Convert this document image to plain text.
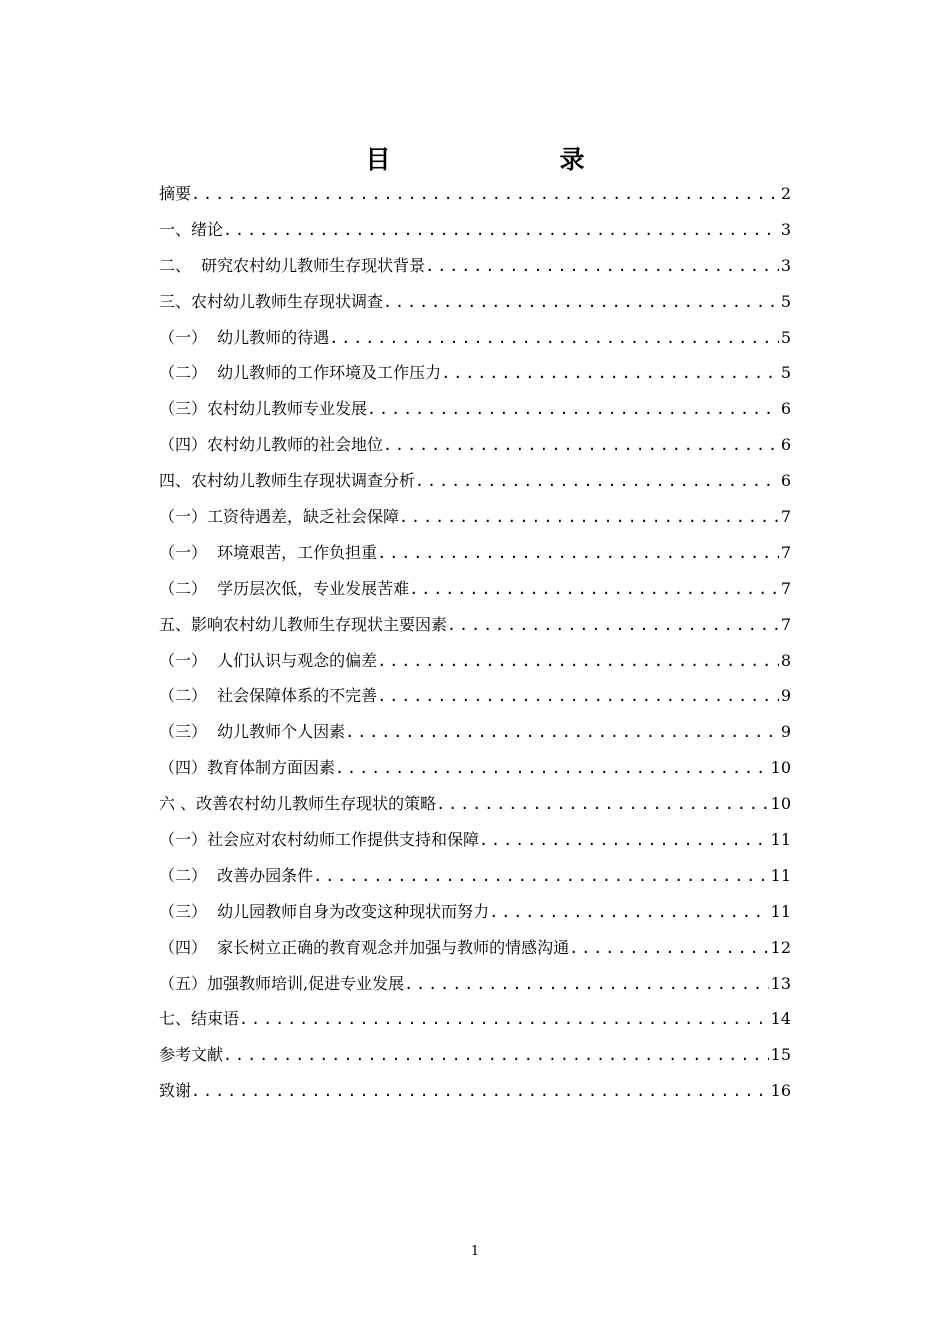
目　录
摘要 .....	2
一、绪论 .....	3
二、  研究农村幼儿教师生存现状背景 .....	3
三、农村幼儿教师生存现状调查 .....	5
（一）  幼儿教师的待遇 .....	5
（二）  幼儿教师的工作环境及工作压力 .....	5
（三）农村幼儿教师专业发展 .....	6
（四）农村幼儿教师的社会地位 .....	6
四、农村幼儿教师生存现状调查分析 .....	6
（一）工资待遇差，缺乏社会保障 .....	7
（一）  环境艰苦，工作负担重 .....	7
（二）  学历层次低，专业发展苦难 .....	7
五、影响农村幼儿教师生存现状主要因素 .....	7
（一）  人们认识与观念的偏差 .....	8
（二）  社会保障体系的不完善 .....	9
（三）  幼儿教师个人因素 .....	9
（四）教育体制方面因素 .....	10
六 、改善农村幼儿教师生存现状的策略 .....	10
（一）社会应对农村幼师工作提供支持和保障 .....	11
（二）  改善办园条件 .....	11
（三）  幼儿园教师自身为改变这种现状而努力 .....	11
（四）  家长树立正确的教育观念并加强与教师的情感沟通 .....	12
（五）加强教师培训,促进专业发展 .....	13
七、结束语 .....	14
参考文献 .....	15
致谢 .....	16
1
